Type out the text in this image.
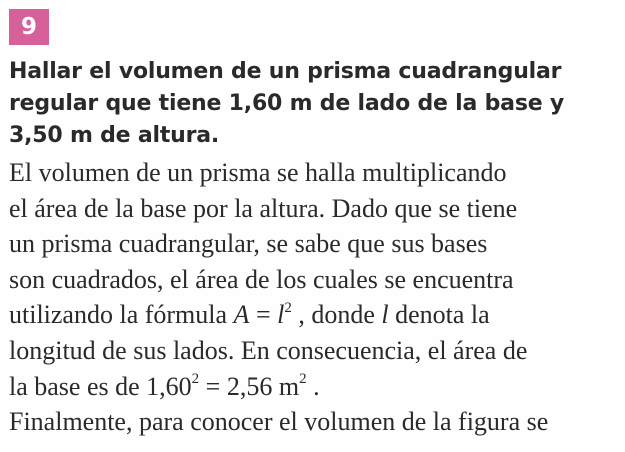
9
Hallar el volumen de un prisma cuadrangular
regular que tiene 1,60 m de lado de la base y
3,50 m de altura.

El volumen de un prisma se halla multiplicando
el área de la base por la altura. Dado que se tiene
un prisma cuadrangular, se sabe que sus bases
son cuadrados, el área de los cuales se encuentra
utilizando la fórmula $A = l^2$ , donde l denota la
longitud de sus lados. En consecuencia, el área de
la base es de $1,60^2 = 2,56$ $m^2$ .
Finalmente, para conocer el volumen de la figura se
